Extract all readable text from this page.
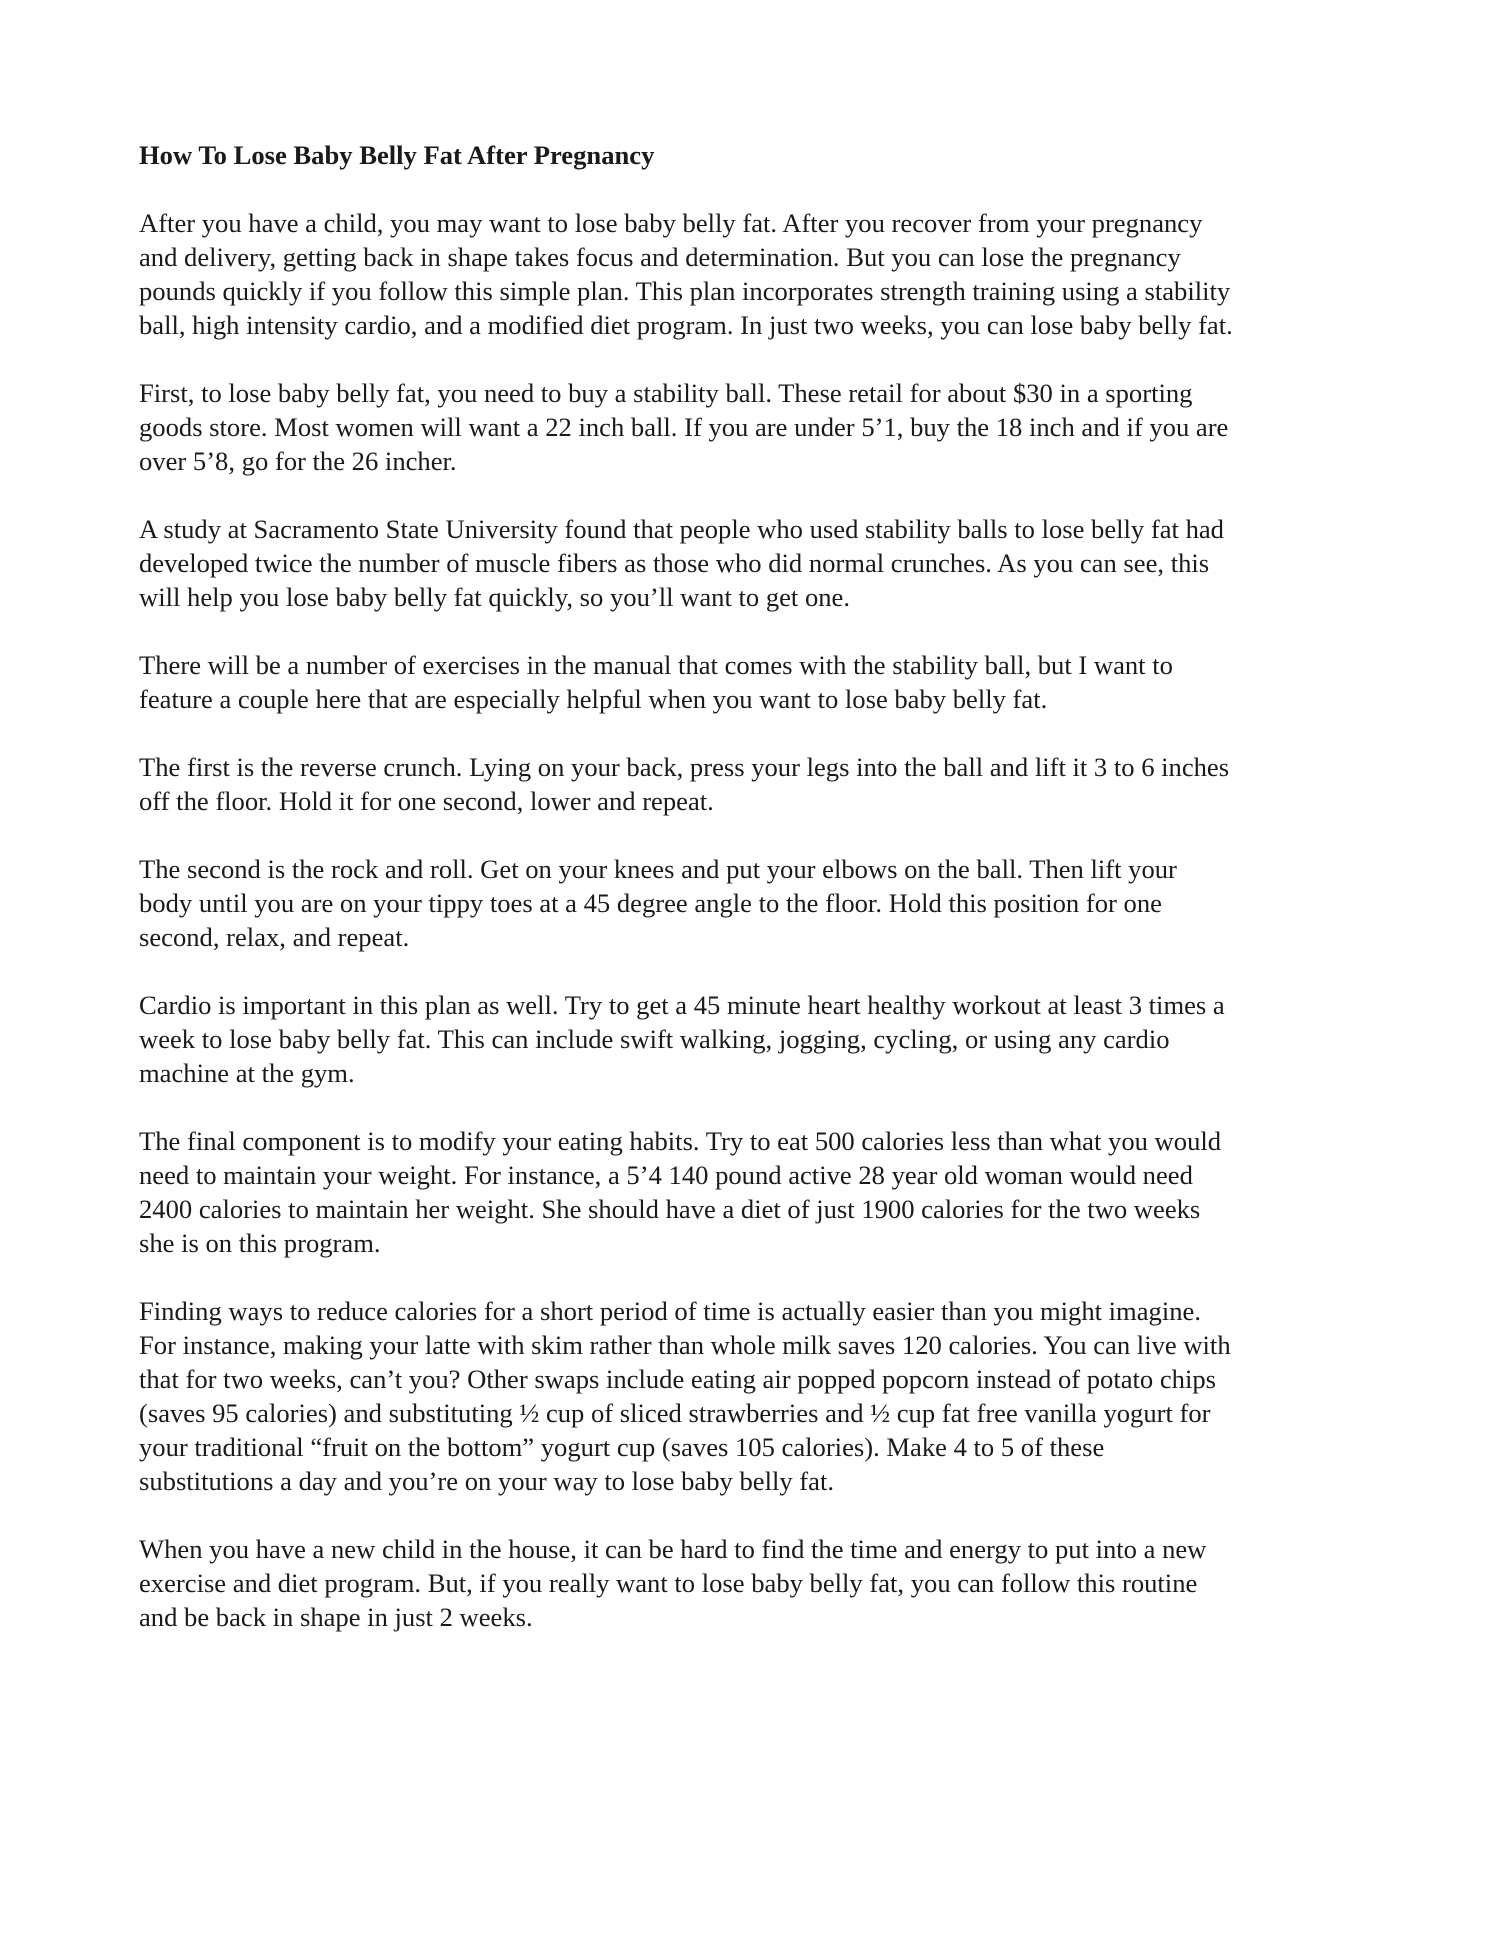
How To Lose Baby Belly Fat After Pregnancy

After you have a child, you may want to lose baby belly fat. After you recover from your pregnancy
and delivery, getting back in shape takes focus and determination. But you can lose the pregnancy
pounds quickly if you follow this simple plan. This plan incorporates strength training using a stability
ball, high intensity cardio, and a modified diet program. In just two weeks, you can lose baby belly fat.

First, to lose baby belly fat, you need to buy a stability ball. These retail for about $30 in a sporting
goods store. Most women will want a 22 inch ball. If you are under 5’1, buy the 18 inch and if you are
over 5’8, go for the 26 incher.

A study at Sacramento State University found that people who used stability balls to lose belly fat had
developed twice the number of muscle fibers as those who did normal crunches. As you can see, this
will help you lose baby belly fat quickly, so you’ll want to get one.

There will be a number of exercises in the manual that comes with the stability ball, but I want to
feature a couple here that are especially helpful when you want to lose baby belly fat.

The first is the reverse crunch. Lying on your back, press your legs into the ball and lift it 3 to 6 inches
off the floor. Hold it for one second, lower and repeat.

The second is the rock and roll. Get on your knees and put your elbows on the ball. Then lift your
body until you are on your tippy toes at a 45 degree angle to the floor. Hold this position for one
second, relax, and repeat.

Cardio is important in this plan as well. Try to get a 45 minute heart healthy workout at least 3 times a
week to lose baby belly fat. This can include swift walking, jogging, cycling, or using any cardio
machine at the gym.

The final component is to modify your eating habits. Try to eat 500 calories less than what you would
need to maintain your weight. For instance, a 5’4 140 pound active 28 year old woman would need
2400 calories to maintain her weight. She should have a diet of just 1900 calories for the two weeks
she is on this program.

Finding ways to reduce calories for a short period of time is actually easier than you might imagine.
For instance, making your latte with skim rather than whole milk saves 120 calories. You can live with
that for two weeks, can’t you? Other swaps include eating air popped popcorn instead of potato chips
(saves 95 calories) and substituting ½ cup of sliced strawberries and ½ cup fat free vanilla yogurt for
your traditional “fruit on the bottom” yogurt cup (saves 105 calories). Make 4 to 5 of these
substitutions a day and you’re on your way to lose baby belly fat.

When you have a new child in the house, it can be hard to find the time and energy to put into a new
exercise and diet program. But, if you really want to lose baby belly fat, you can follow this routine
and be back in shape in just 2 weeks.
